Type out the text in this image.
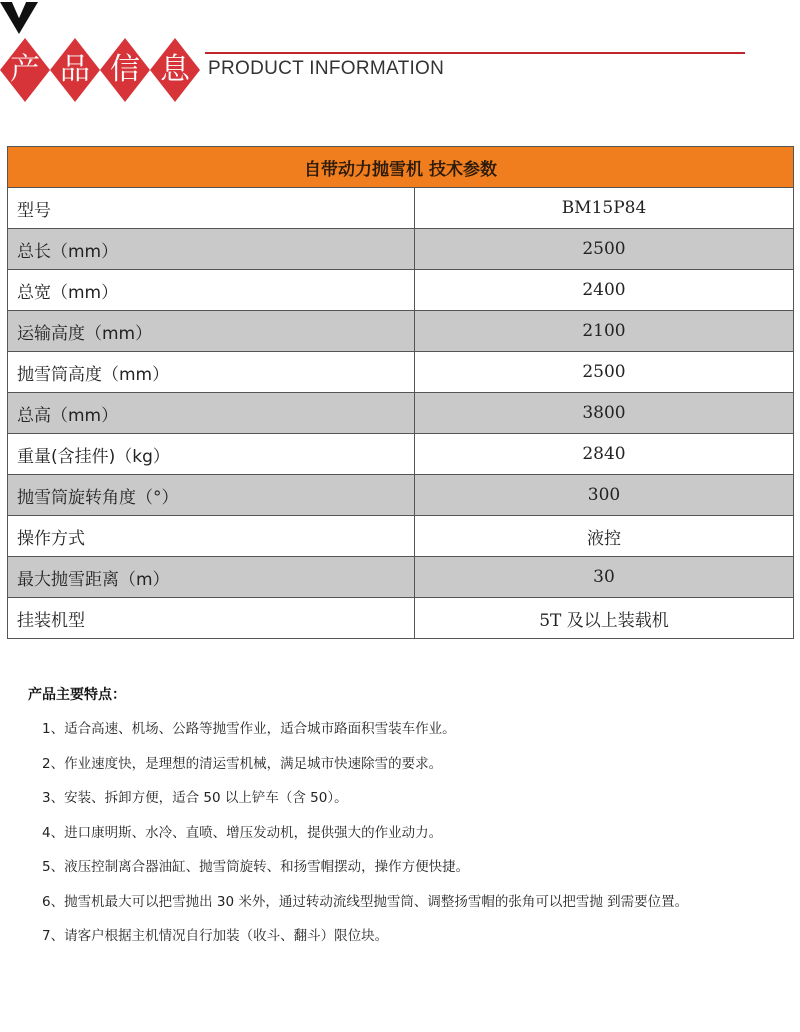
产 品 信 息 PRODUCT INFORMATION
自带动力抛雪机 技术参数	
型号	BM15P84
总长（mm）	2500
总宽（mm）	2400
运输高度（mm）	2100
抛雪筒高度（mm）	2500
总高（mm）	3800
重量(含挂件)（kg）	2840
抛雪筒旋转角度（°）	300
操作方式	液控
最大抛雪距离（m）	30
挂装机型	5T 及以上装载机

产品主要特点：

1、适合高速、机场、公路等抛雪作业，适合城市路面积雪装车作业。

2、作业速度快，是理想的清运雪机械，满足城市快速除雪的要求。

3、安装、拆卸方便，适合 50 以上铲车（含 50）。

4、进口康明斯、水冷、直喷、增压发动机，提供强大的作业动力。

5、液压控制离合器油缸、抛雪筒旋转、和扬雪帽摆动，操作方便快捷。

6、抛雪机最大可以把雪抛出 30 米外，通过转动流线型抛雪筒、调整扬雪帽的张角可以把雪抛 到需要位置。

7、请客户根据主机情况自行加装（收斗、翻斗）限位块。
